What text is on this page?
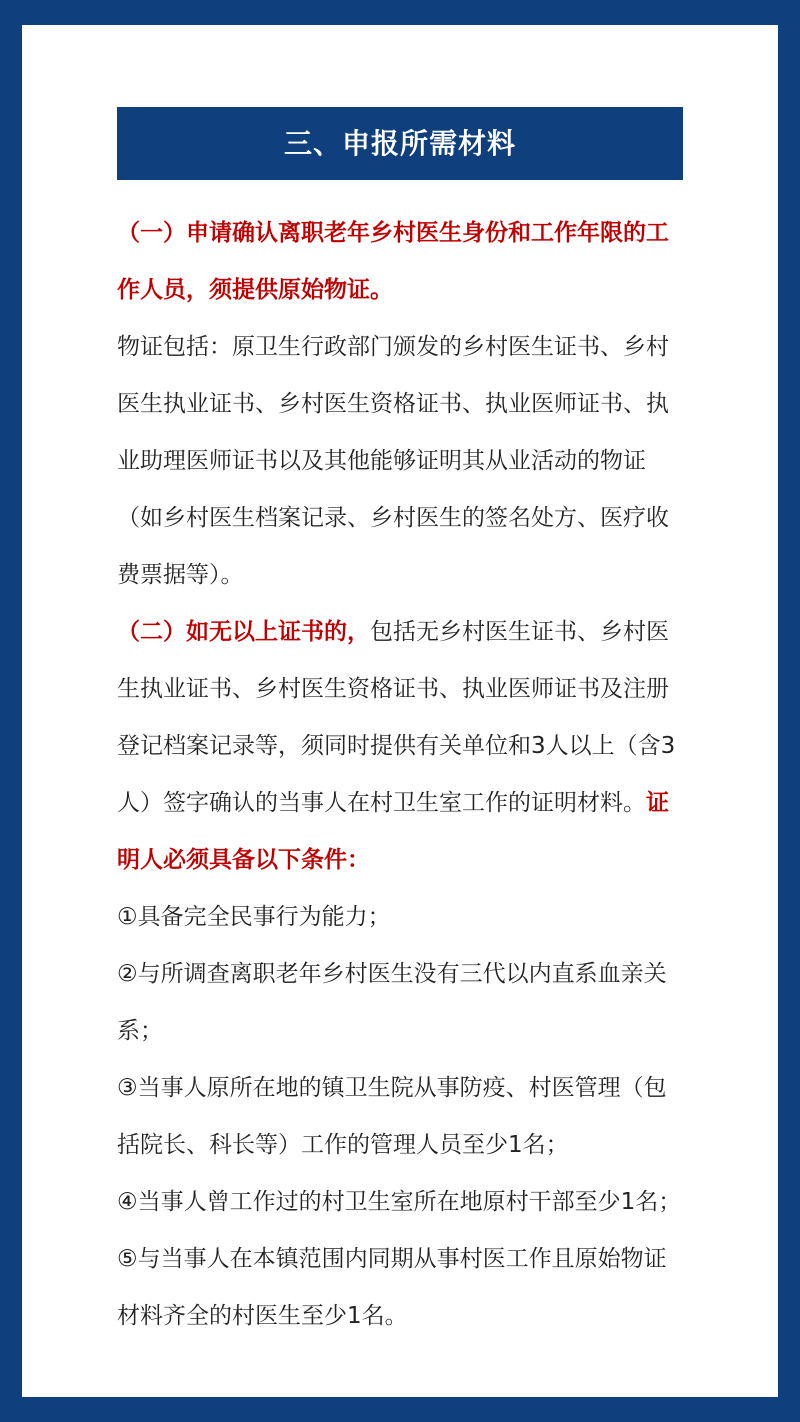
三、申报所需材料

（一）申请确认离职老年乡村医生身份和工作年限的工作人员，须提供原始物证。

物证包括：原卫生行政部门颁发的乡村医生证书、乡村医生执业证书、乡村医生资格证书、执业医师证书、执业助理医师证书以及其他能够证明其从业活动的物证（如乡村医生档案记录、乡村医生的签名处方、医疗收费票据等）。

（二）如无以上证书的，包括无乡村医生证书、乡村医生执业证书、乡村医生资格证书、执业医师证书及注册登记档案记录等，须同时提供有关单位和3人以上（含3人）签字确认的当事人在村卫生室工作的证明材料。证明人必须具备以下条件：

①具备完全民事行为能力；

②与所调查离职老年乡村医生没有三代以内直系血亲关系；

③当事人原所在地的镇卫生院从事防疫、村医管理（包括院长、科长等）工作的管理人员至少1名；

④当事人曾工作过的村卫生室所在地原村干部至少1名；

⑤与当事人在本镇范围内同期从事村医工作且原始物证材料齐全的村医生至少1名。
